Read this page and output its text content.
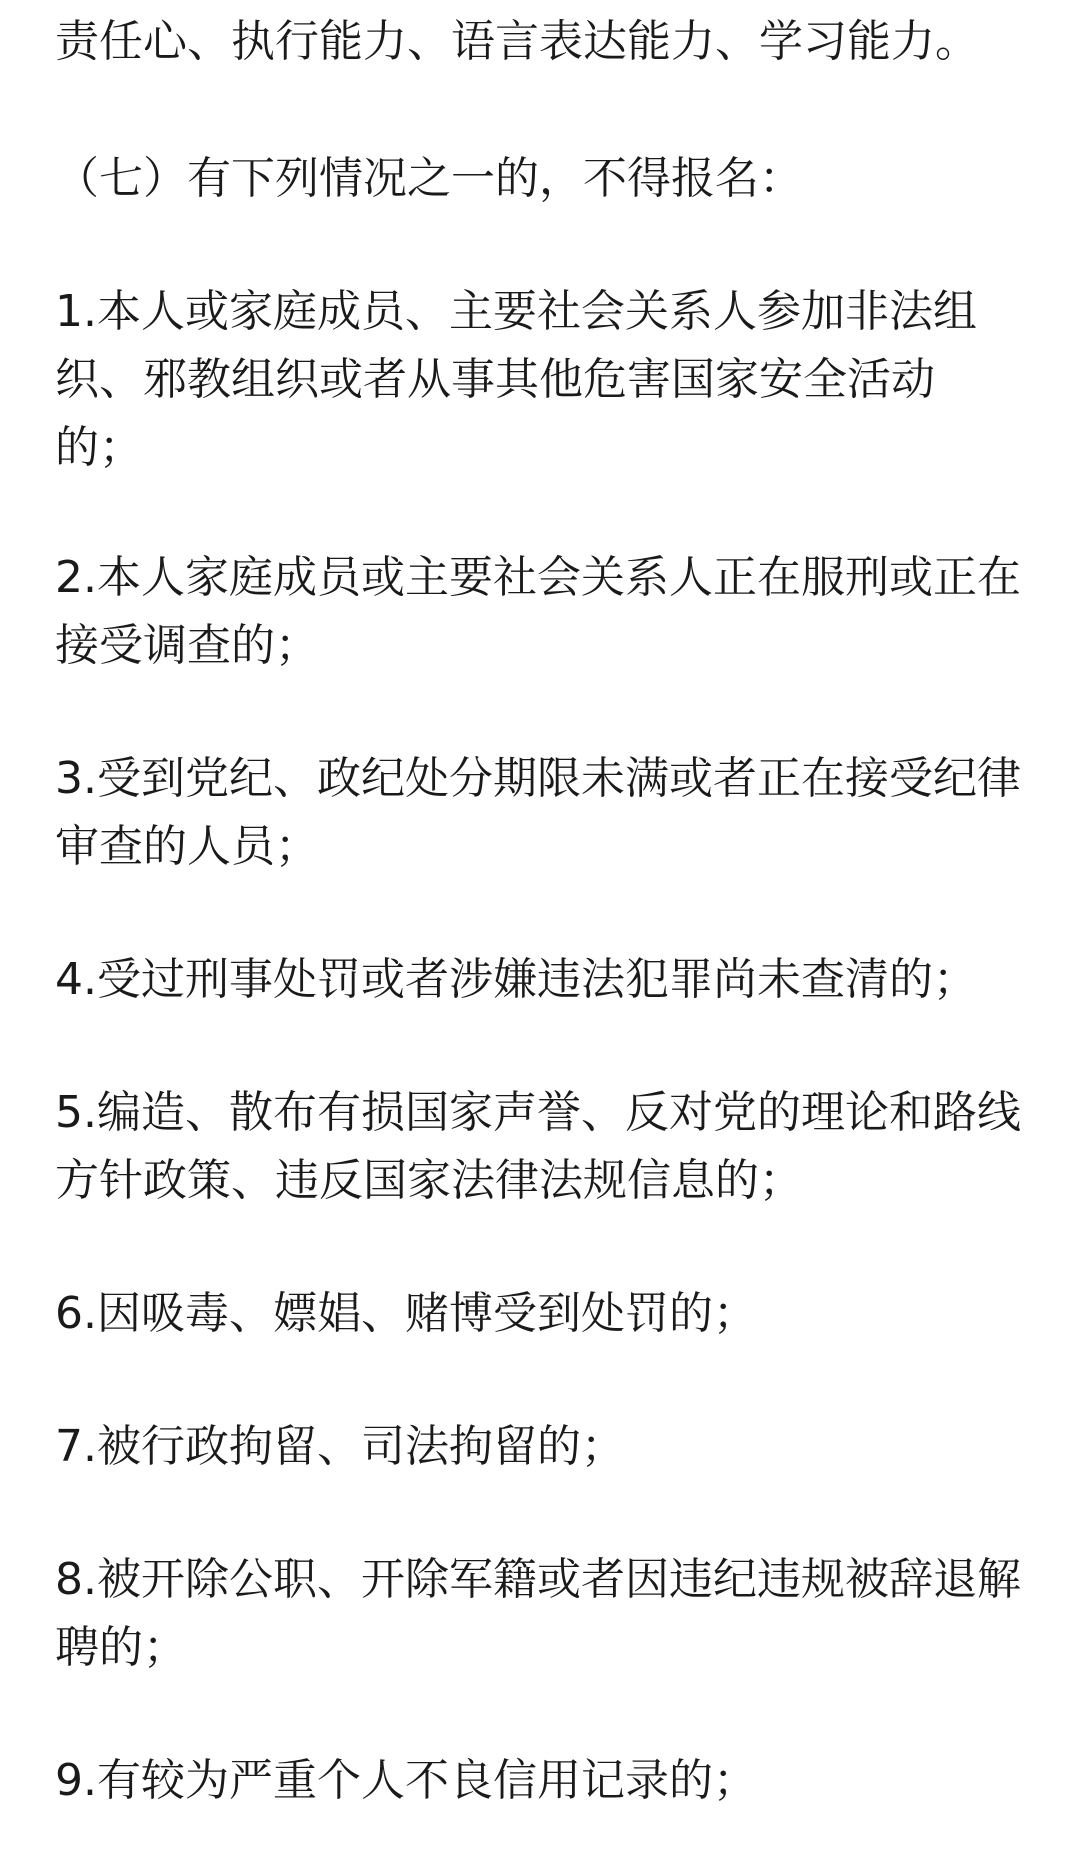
责任心、执行能力、语言表达能力、学习能力。
（七）有下列情况之一的，不得报名：
1.本人或家庭成员、主要社会关系人参加非法组
织、邪教组织或者从事其他危害国家安全活动
的；
2.本人家庭成员或主要社会关系人正在服刑或正在
接受调查的；
3.受到党纪、政纪处分期限未满或者正在接受纪律
审查的人员；
4.受过刑事处罚或者涉嫌违法犯罪尚未查清的；
5.编造、散布有损国家声誉、反对党的理论和路线
方针政策、违反国家法律法规信息的；
6.因吸毒、嫖娼、赌博受到处罚的；
7.被行政拘留、司法拘留的；
8.被开除公职、开除军籍或者因违纪违规被辞退解
聘的；
9.有较为严重个人不良信用记录的；
